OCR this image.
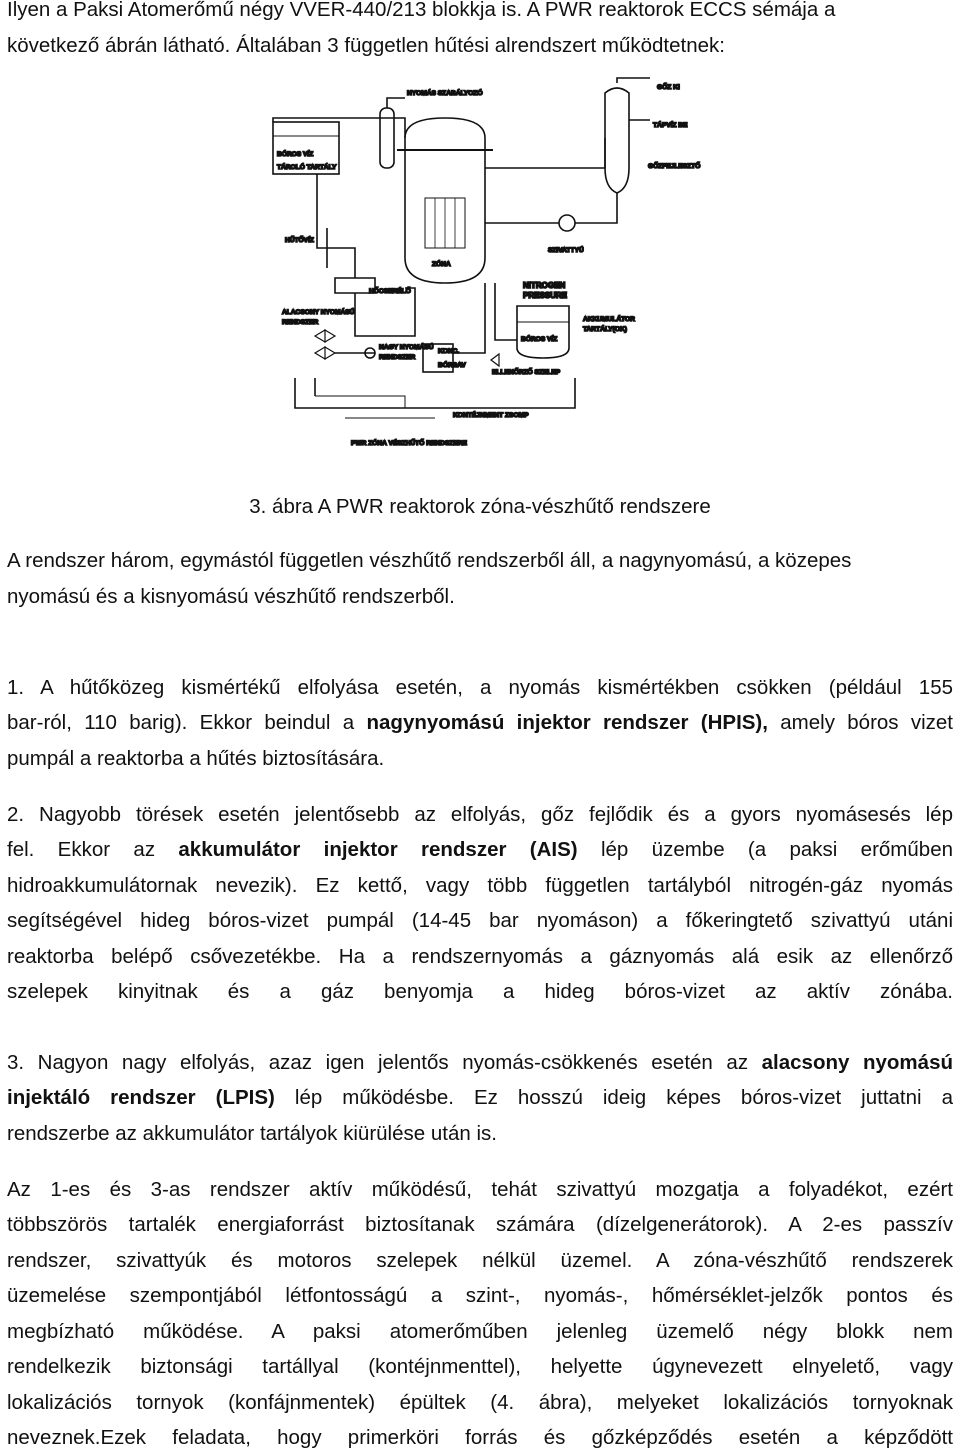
Ilyen a Paksi Atomerőmű négy VVER-440/213 blokkja is. A PWR reaktorok ECCS sémája a
következő ábrán látható. Általában 3 független hűtési alrendszert működtetnek:
NYOMÁS SZABÁLYOZÓ
GŐZ KI
TÁPVÍZ BE
BÓROS VÍZ
TÁROLÓ TARTÁLY	GŐZFEJLESZTŐ
HŰTŐVÍZ
SZIVATTYÚ
ZÓNA
NITROGEN
PRESSURE
HŐCSERÉLŐ
ALACSONY NYOMÁSÚ
RENDSZER	AKKUMULÁTOR
TARTÁLY(OK)
BÓROS VÍZ
NAGY NYOMÁSÚ
RENDSZER
KONC.
BÓRSAV
ELLENŐRZŐ SZELEP
KONTÉJNMENT ZSOMP
PWR ZÓNA VÉSZHŰTŐ RENDSZERE
3. ábra A PWR reaktorok zóna-vészhűtő rendszere
A rendszer három, egymástól független vészhűtő rendszerből áll, a nagynyomású, a közepes
nyomású és a kisnyomású vészhűtő rendszerből.
1. A hűtőközeg kismértékű elfolyása esetén, a nyomás kismértékben csökken (például 155
bar-ról, 110 barig). Ekkor beindul a nagynyomású injektor rendszer (HPIS), amely bóros vizet
pumpál a reaktorba a hűtés biztosítására.
2. Nagyobb törések esetén jelentősebb az elfolyás, gőz fejlődik és a gyors nyomásesés lép
fel. Ekkor az akkumulátor injektor rendszer (AIS) lép üzembe (a paksi erőműben
hidroakkumulátornak nevezik). Ez kettő, vagy több független tartályból nitrogén-gáz nyomás
segítségével hideg bóros-vizet pumpál (14-45 bar nyomáson) a főkeringtető szivattyú utáni
reaktorba belépő csővezetékbe. Ha a rendszernyomás a gáznyomás alá esik az ellenőrző
szelepek kinyitnak és a gáz benyomja a hideg bóros-vizet az aktív zónába.
3. Nagyon nagy elfolyás, azaz igen jelentős nyomás-csökkenés esetén az alacsony nyomású
injektáló rendszer (LPIS) lép működésbe. Ez hosszú ideig képes bóros-vizet juttatni a
rendszerbe az akkumulátor tartályok kiürülése után is.
Az 1-es és 3-as rendszer aktív működésű, tehát szivattyú mozgatja a folyadékot, ezért
többszörös tartalék energiaforrást biztosítanak számára (dízelgenerátorok). A 2-es passzív
rendszer, szivattyúk és motoros szelepek nélkül üzemel. A zóna-vészhűtő rendszerek
üzemelése szempontjából létfontosságú a szint-, nyomás-, hőmérséklet-jelzők pontos és
megbízható működése. A paksi atomerőműben jelenleg üzemelő négy blokk nem
rendelkezik biztonsági tartállyal (kontéjnmenttel), helyette úgynevezett elnyelető, vagy
lokalizációs tornyok (konfájnmentek) épültek (4. ábra), melyeket lokalizációs tornyoknak
neveznek.Ezek feladata, hogy primerköri forrás és gőzképződés esetén a képződött
